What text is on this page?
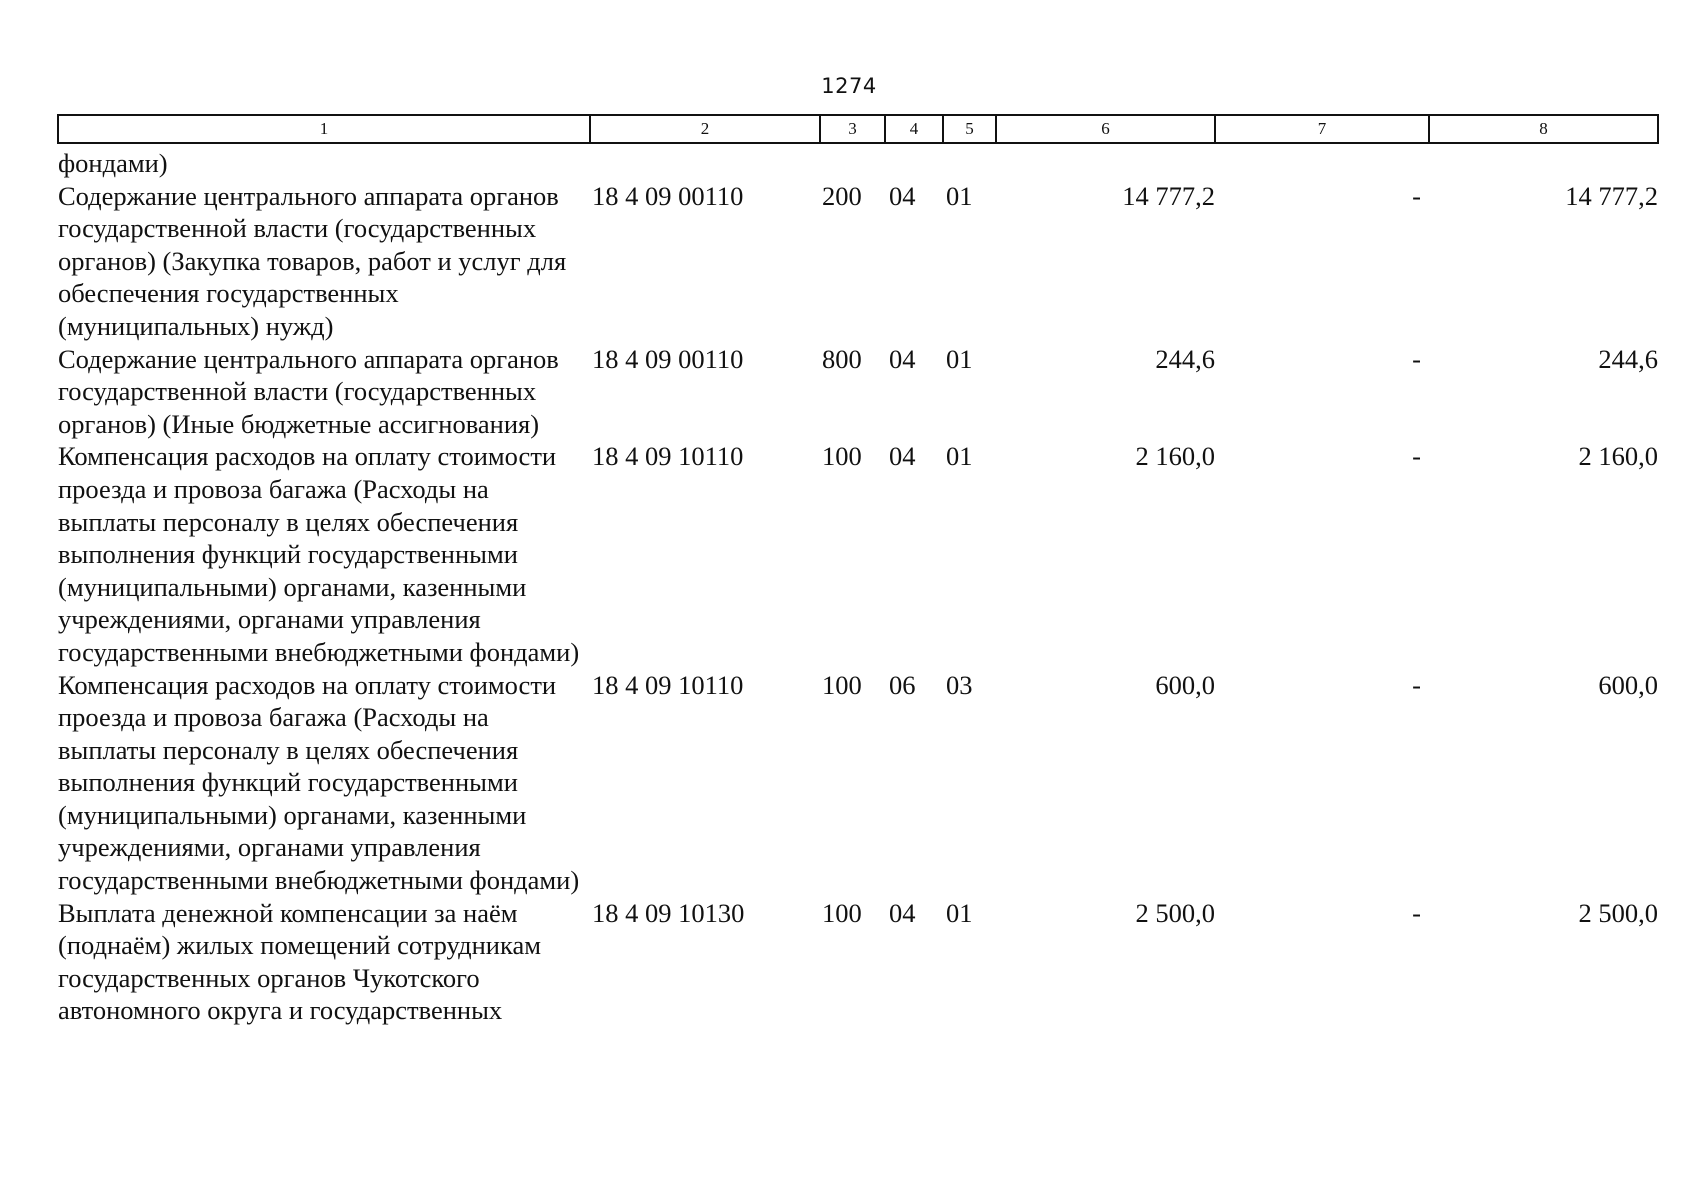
1274
1	2	3	4	5	6	7	8
фондами)							
Содержание центрального аппарата органов государственной власти (государственных органов) (Закупка товаров, работ и услуг для обеспечения государственных (муниципальных) нужд)	18 4 09 00110	200	04	01	14 777,2	-	14 777,2
Содержание центрального аппарата органов государственной власти (государственных органов) (Иные бюджетные ассигнования)	18 4 09 00110	800	04	01	244,6	-	244,6
Компенсация расходов на оплату стоимости проезда и провоза багажа (Расходы на выплаты персоналу в целях обеспечения выполнения функций государственными (муниципальными) органами, казенными учреждениями, органами управления государственными внебюджетными фондами)	18 4 09 10110	100	04	01	2 160,0	-	2 160,0
Компенсация расходов на оплату стоимости проезда и провоза багажа (Расходы на выплаты персоналу в целях обеспечения выполнения функций государственными (муниципальными) органами, казенными учреждениями, органами управления государственными внебюджетными фондами)	18 4 09 10110	100	06	03	600,0	-	600,0
Выплата денежной компенсации за наём (поднаём) жилых помещений сотрудникам государственных органов Чукотского автономного округа и государственных	18 4 09 10130	100	04	01	2 500,0	-	2 500,0
